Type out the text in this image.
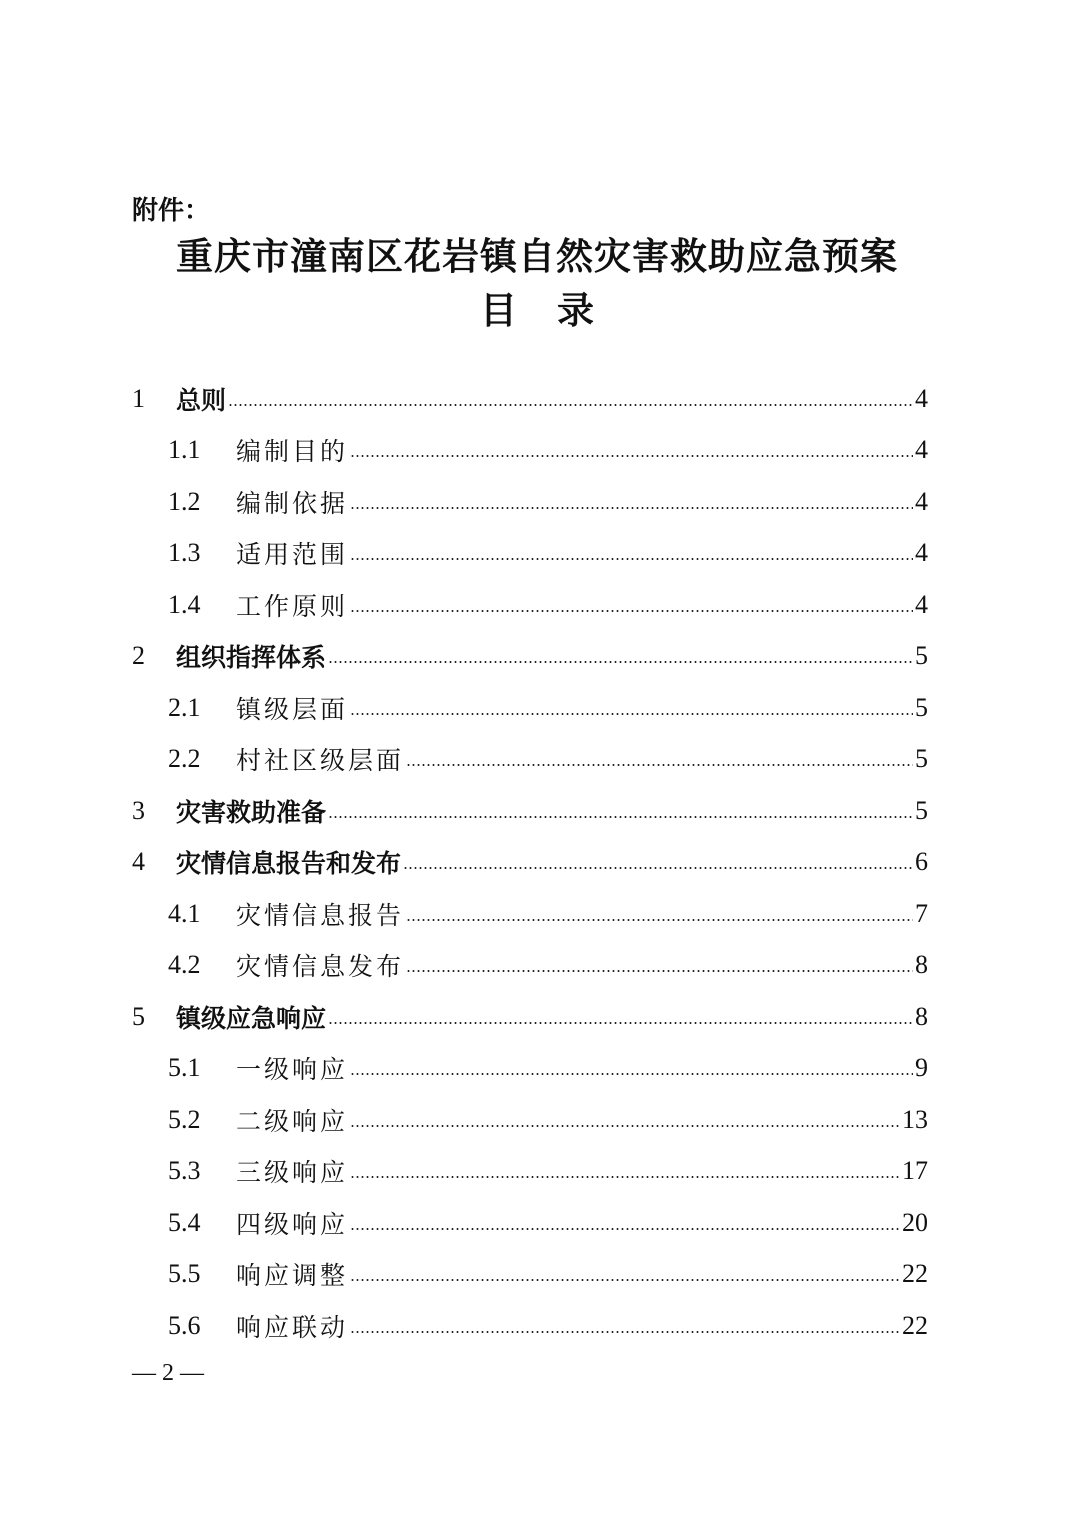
附件：
重庆市潼南区花岩镇自然灾害救助应急预案
目录
1	总则	4
1.1	编制目的	4
1.2	编制依据	4
1.3	适用范围	4
1.4	工作原则	4
2	组织指挥体系	5
2.1	镇级层面	5
2.2	村社区级层面	5
3	灾害救助准备	5
4	灾情信息报告和发布	6
4.1	灾情信息报告	7
4.2	灾情信息发布	8
5	镇级应急响应	8
5.1	一级响应	9
5.2	二级响应	13
5.3	三级响应	17
5.4	四级响应	20
5.5	响应调整	22
5.6	响应联动	22
— 2 —
